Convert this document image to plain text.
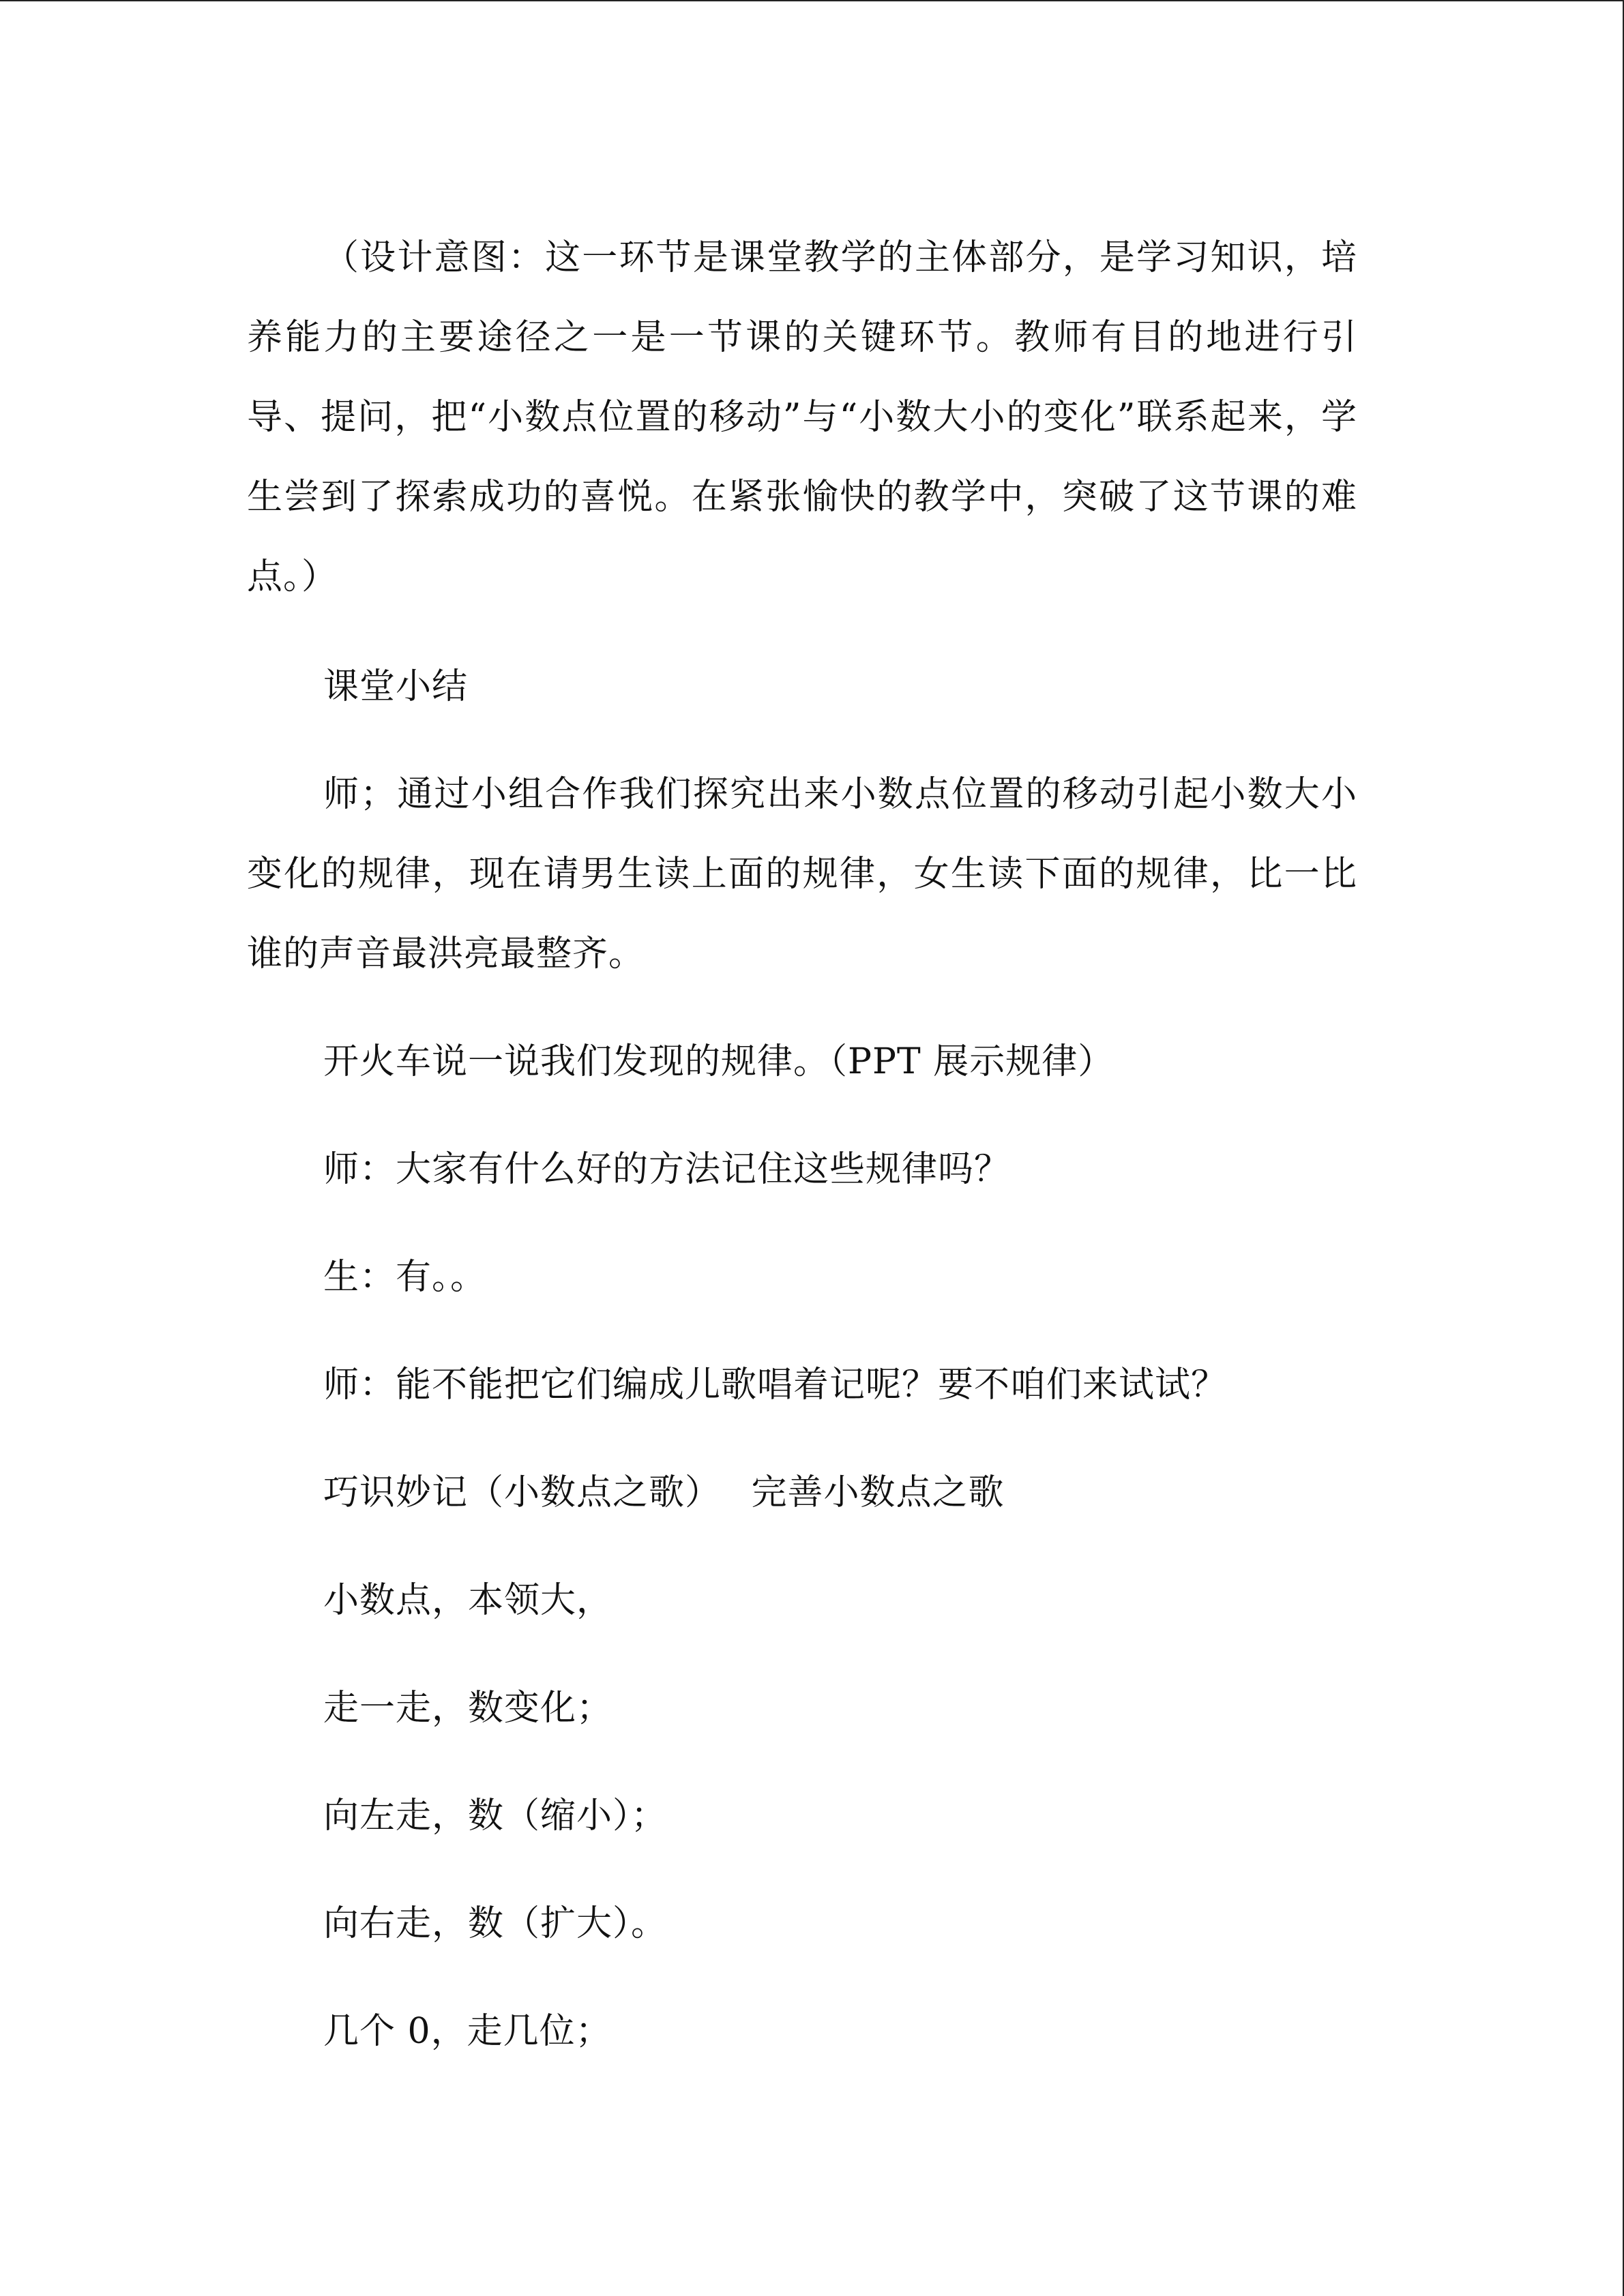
（设计意图：这一环节是课堂教学的主体部分，是学习知识，培养能力的主要途径之一是一节课的关键环节。教师有目的地进行引导、提问，把“小数点位置的移动”与“小数大小的变化”联系起来，学生尝到了探索成功的喜悦。在紧张愉快的教学中，突破了这节课的难点。）

课堂小结

师；通过小组合作我们探究出来小数点位置的移动引起小数大小变化的规律，现在请男生读上面的规律，女生读下面的规律，比一比谁的声音最洪亮最整齐。

开火车说一说我们发现的规律。（PPT 展示规律）

师：大家有什么好的方法记住这些规律吗？

生：有。。

师：能不能把它们编成儿歌唱着记呢？要不咱们来试试？

巧识妙记（小数点之歌）　 完善小数点之歌

小数点，本领大，

走一走，数变化；

向左走，数（缩小）；

向右走，数（扩大）。

几个 0，走几位；
